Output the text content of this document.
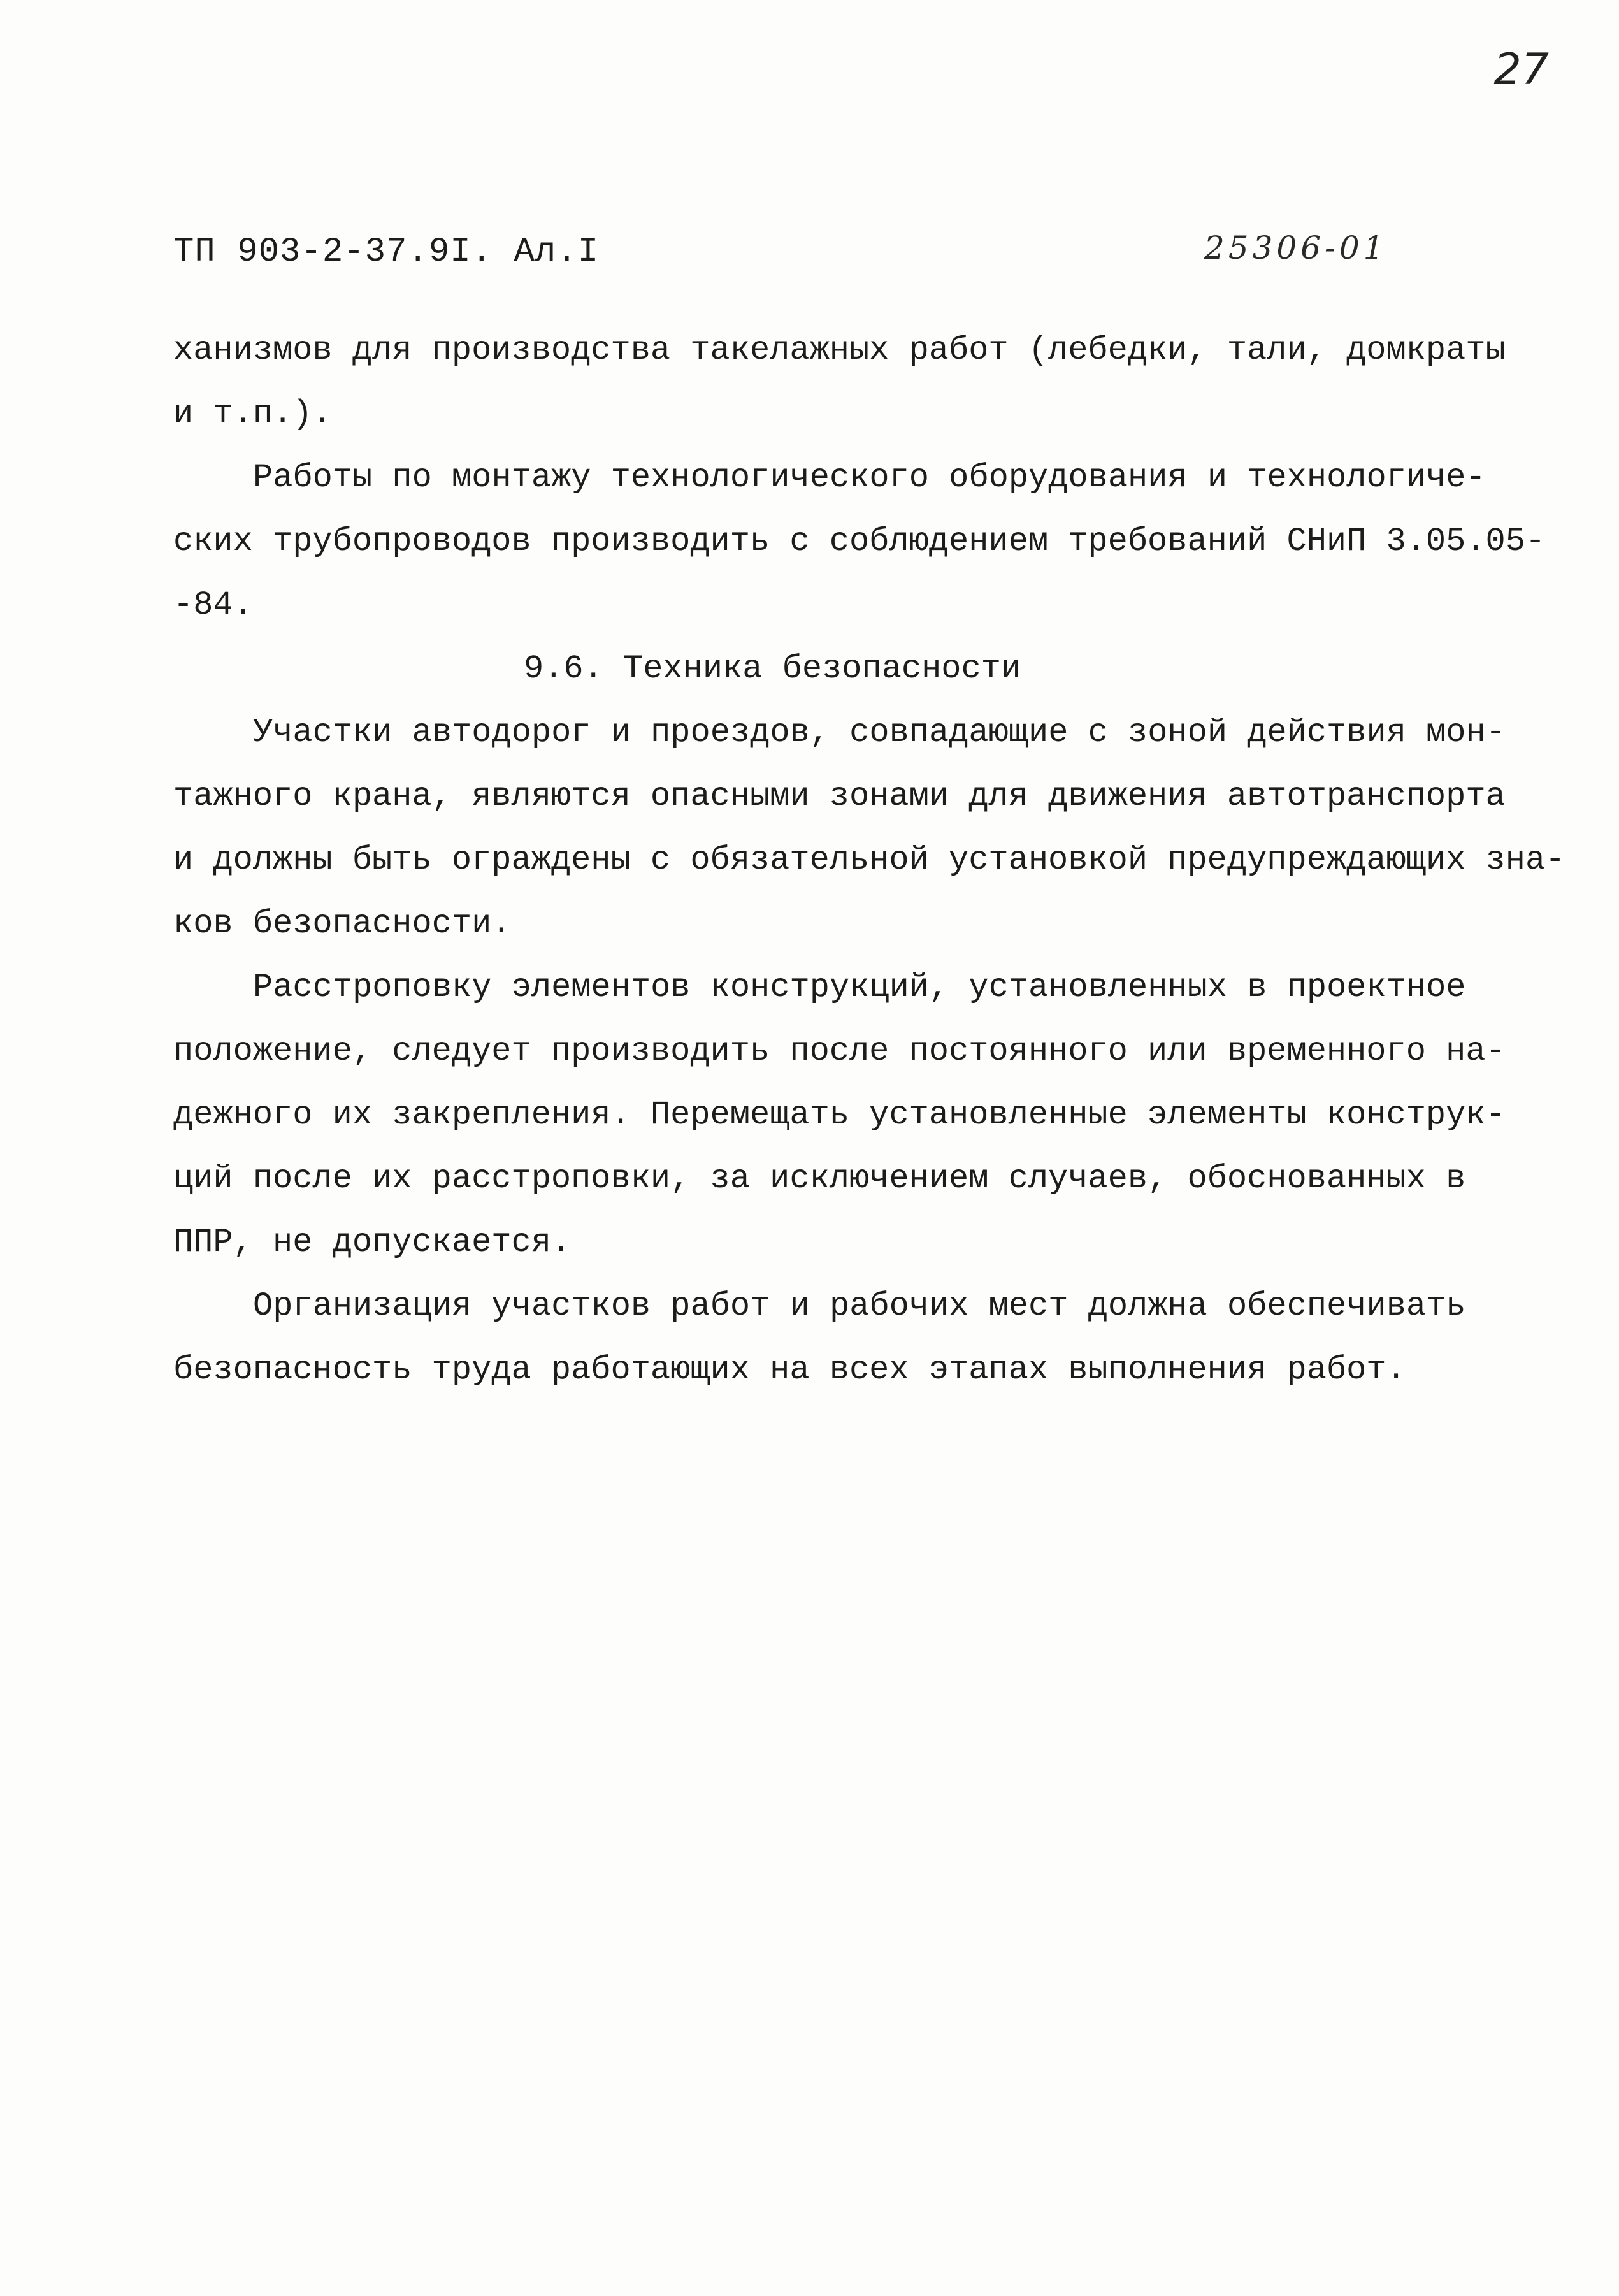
27
ТП 903-2-37.9I. Ал.I	25306-01
ханизмов для производства такелажных работ (лебедки, тали, домкраты
и т.п.).
Работы по монтажу технологического оборудования и технологиче-
ских трубопроводов производить с соблюдением требований СНиП 3.05.05-
-84.
9.6. Техника безопасности
Участки автодорог и проездов, совпадающие с зоной действия мон-
тажного крана, являются опасными зонами для движения автотранспорта
и должны быть ограждены с обязательной установкой предупреждающих зна-
ков безопасности.
Расстроповку элементов конструкций, установленных в проектное
положение, следует производить после постоянного или временного на-
дежного их закрепления. Перемещать установленные элементы конструк-
ций после их расстроповки, за исключением случаев, обоснованных в
ППР, не допускается.
Организация участков работ и рабочих мест должна обеспечивать
безопасность труда работающих на всех этапах выполнения работ.
